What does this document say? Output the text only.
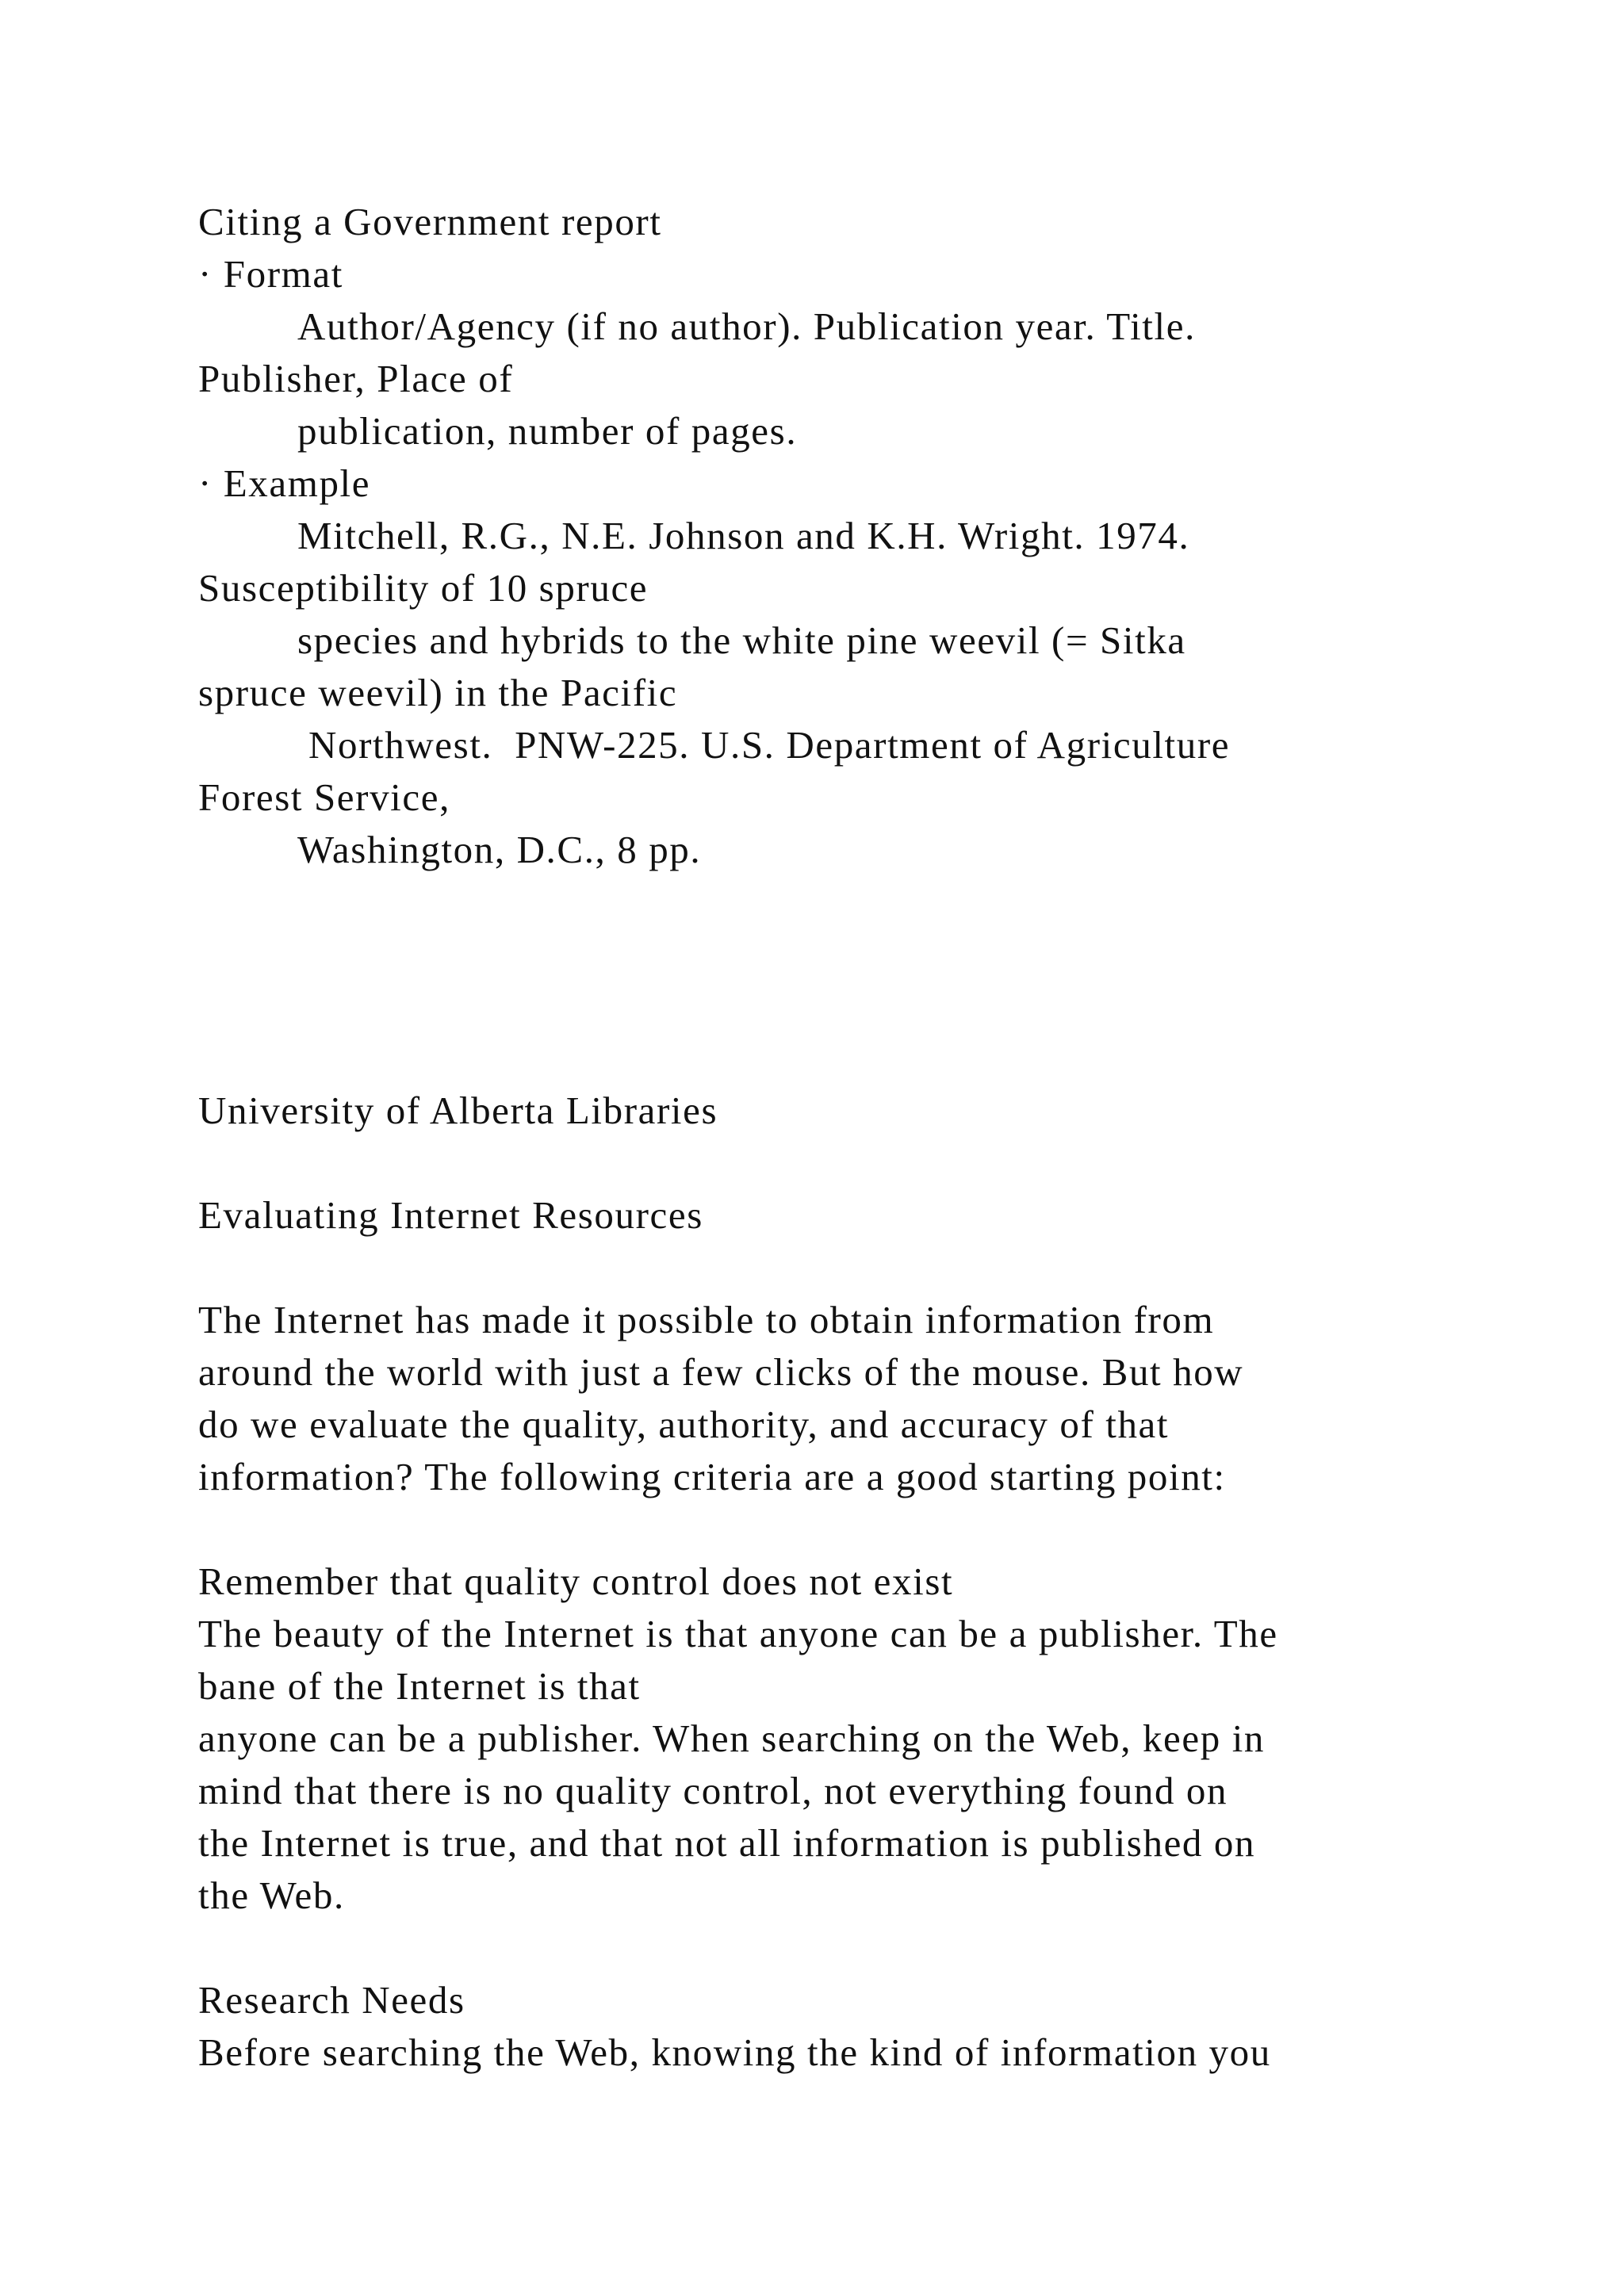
Citing a Government report

· Format

Author/Agency (if no author). Publication year. Title.

Publisher, Place of

publication, number of pages.

· Example

Mitchell, R.G., N.E. Johnson and K.H. Wright. 1974.

Susceptibility of 10 spruce

species and hybrids to the white pine weevil (= Sitka

spruce weevil) in the Pacific

Northwest.  PNW-225. U.S. Department of Agriculture

Forest Service,

Washington, D.C., 8 pp.

University of Alberta Libraries

Evaluating Internet Resources

The Internet has made it possible to obtain information from

around the world with just a few clicks of the mouse. But how

do we evaluate the quality, authority, and accuracy of that

information? The following criteria are a good starting point:

Remember that quality control does not exist

The beauty of the Internet is that anyone can be a publisher. The

bane of the Internet is that

anyone can be a publisher. When searching on the Web, keep in

mind that there is no quality control, not everything found on

the Internet is true, and that not all information is published on

the Web.

Research Needs

Before searching the Web, knowing the kind of information you
